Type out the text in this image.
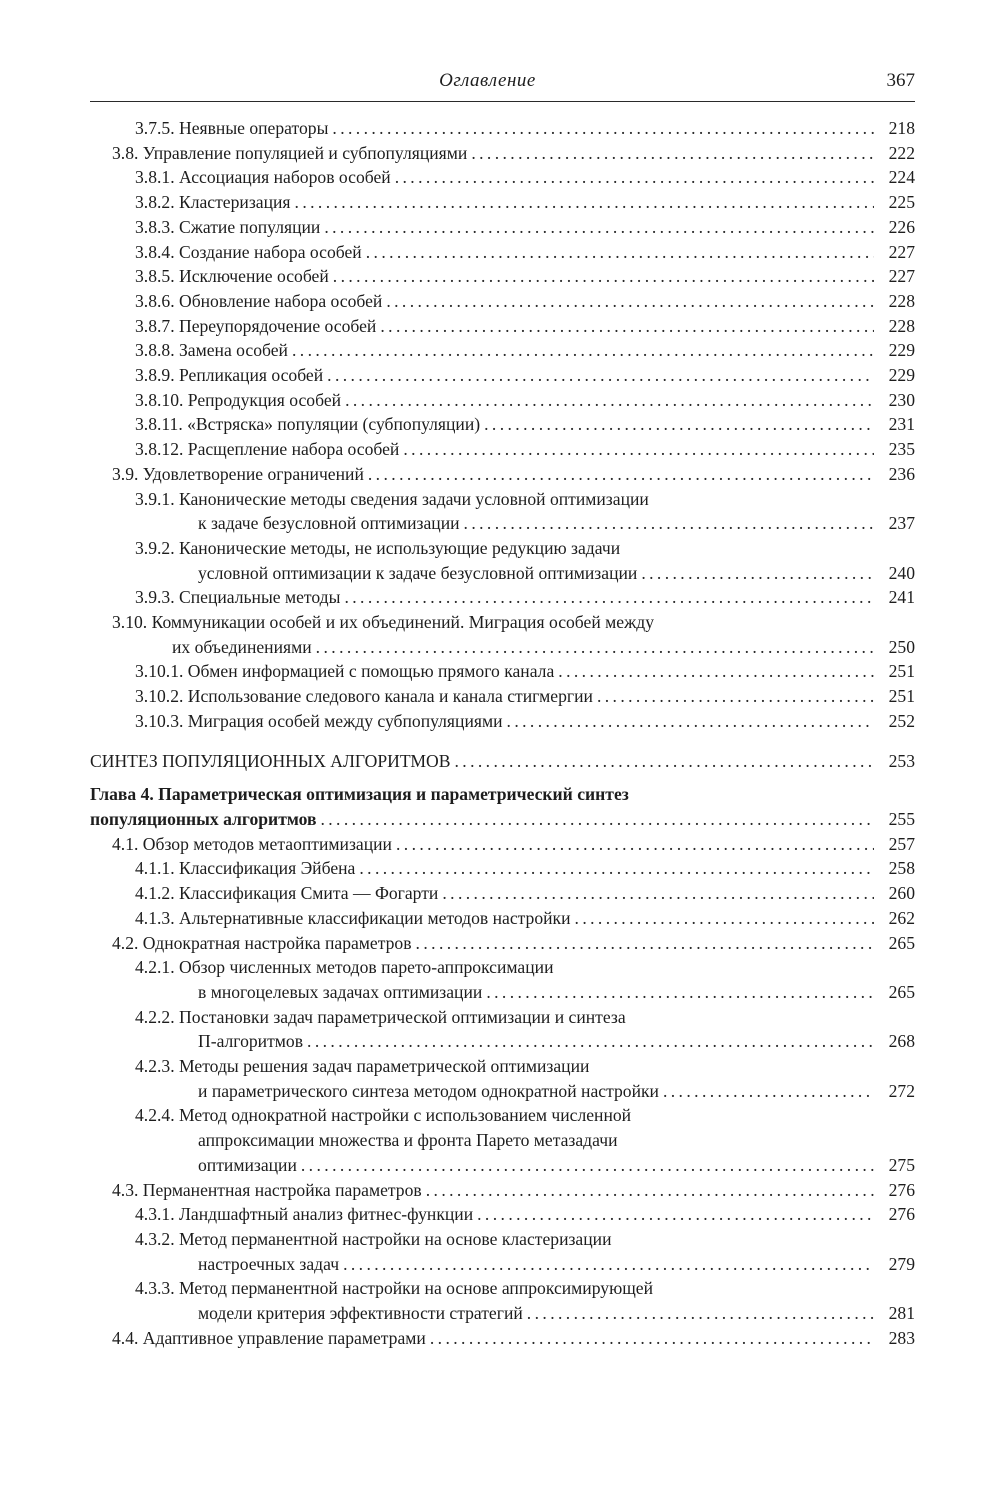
Оглавление	367
3.7.5. Неявные операторы .....	218
3.8. Управление популяцией и субпопуляциями .....	222
3.8.1. Ассоциация наборов особей .....	224
3.8.2. Кластеризация .....	225
3.8.3. Сжатие популяции .....	226
3.8.4. Создание набора особей .....	227
3.8.5. Исключение особей .....	227
3.8.6. Обновление набора особей .....	228
3.8.7. Переупорядочение особей .....	228
3.8.8. Замена особей .....	229
3.8.9. Репликация особей .....	229
3.8.10. Репродукция особей .....	230
3.8.11. «Встряска» популяции (субпопуляции) .....	231
3.8.12. Расщепление набора особей .....	235
3.9. Удовлетворение ограничений .....	236
3.9.1. Канонические методы сведения задачи условной оптимизации
к задаче безусловной оптимизации .....	237
3.9.2. Канонические методы, не использующие редукцию задачи
условной оптимизации к задаче безусловной оптимизации .....	240
3.9.3. Специальные методы .....	241
3.10. Коммуникации особей и их объединений. Миграция особей между
их объединениями .....	250
3.10.1. Обмен информацией с помощью прямого канала .....	251
3.10.2. Использование следового канала и канала стигмергии .....	251
3.10.3. Миграция особей между субпопуляциями .....	252
СИНТЕЗ ПОПУЛЯЦИОННЫХ АЛГОРИТМОВ .....	253
Глава 4. Параметрическая оптимизация и параметрический синтез
популяционных алгоритмов .....	255
4.1. Обзор методов метаоптимизации .....	257
4.1.1. Классификация Эйбена .....	258
4.1.2. Классификация Смита — Фогарти .....	260
4.1.3. Альтернативные классификации методов настройки .....	262
4.2. Однократная настройка параметров .....	265
4.2.1. Обзор численных методов парето-аппроксимации
в многоцелевых задачах оптимизации .....	265
4.2.2. Постановки задач параметрической оптимизации и синтеза
П-алгоритмов .....	268
4.2.3. Методы решения задач параметрической оптимизации
и параметрического синтеза методом однократной настройки .....	272
4.2.4. Метод однократной настройки с использованием численной
аппроксимации множества и фронта Парето метазадачи
оптимизации .....	275
4.3. Перманентная настройка параметров .....	276
4.3.1. Ландшафтный анализ фитнес-функции .....	276
4.3.2. Метод перманентной настройки на основе кластеризации
настроечных задач .....	279
4.3.3. Метод перманентной настройки на основе аппроксимирующей
модели критерия эффективности стратегий .....	281
4.4. Адаптивное управление параметрами .....	283
